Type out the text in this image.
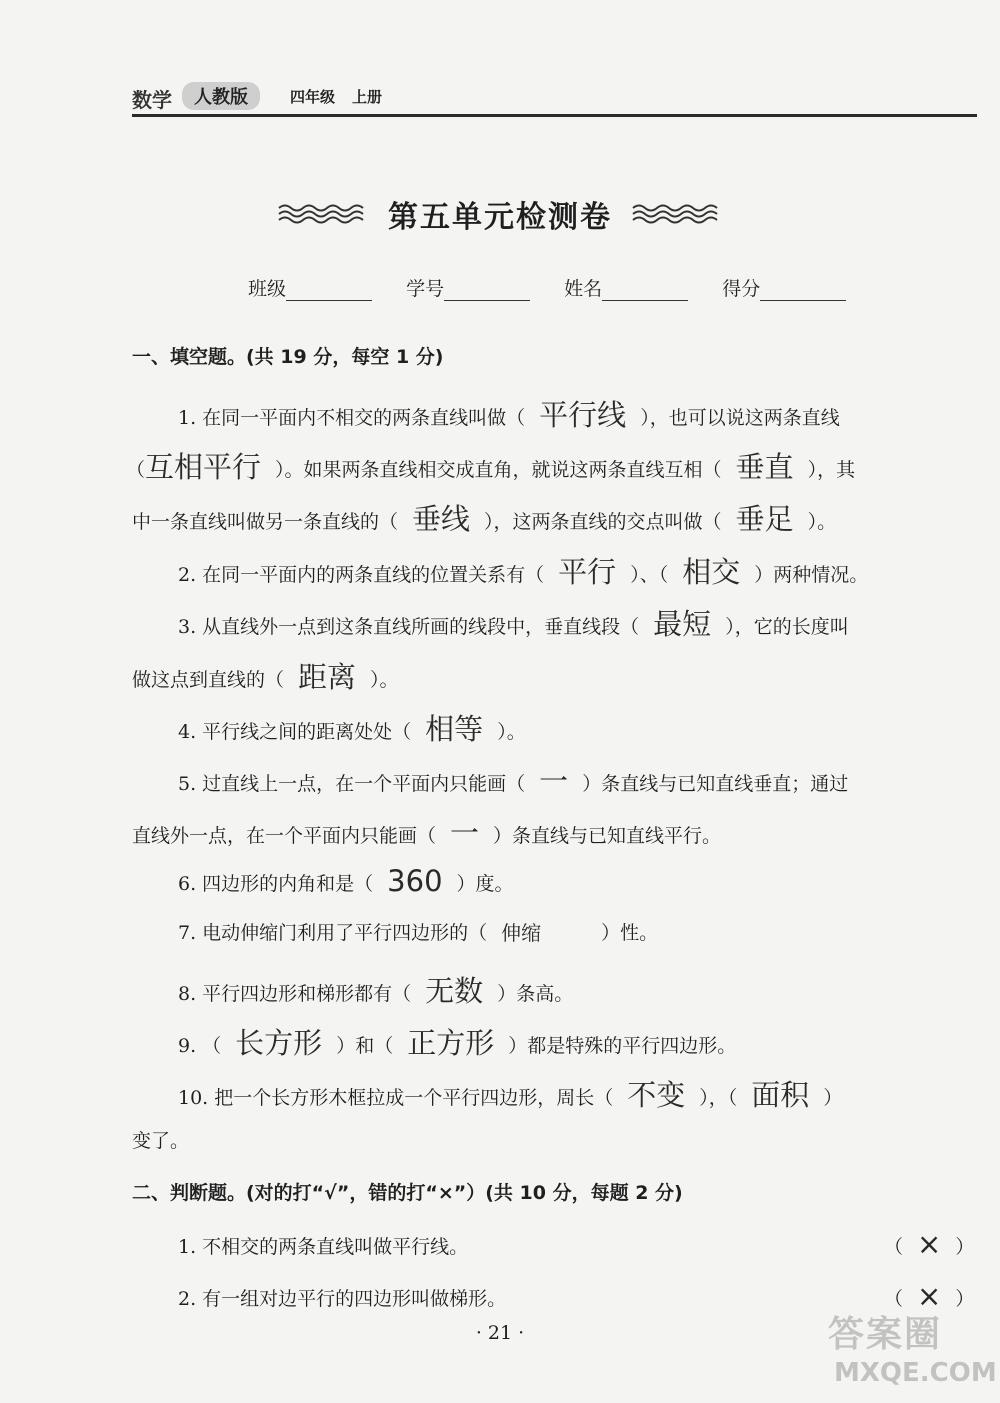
数学	人教版	四年级 上册
第五单元检测卷
班级	学号	姓名	得分
一、填空题。(共 19 分，每空 1 分)
1. 在同一平面内不相交的两条直线叫做（ 平行线 ），也可以说这两条直线
（互相平行 ）。如果两条直线相交成直角，就说这两条直线互相（ 垂直 ），其
中一条直线叫做另一条直线的（ 垂线 ），这两条直线的交点叫做（ 垂足 ）。
2. 在同一平面内的两条直线的位置关系有（ 平行 ）、（ 相交 ）两种情况。
3. 从直线外一点到这条直线所画的线段中，垂直线段（ 最短 ），它的长度叫
做这点到直线的（ 距离 ）。
4. 平行线之间的距离处处（ 相等 ）。
5. 过直线上一点，在一个平面内只能画（ 一 ）条直线与已知直线垂直；通过
直线外一点，在一个平面内只能画（ 一 ）条直线与已知直线平行。
6. 四边形的内角和是（ 360 ）度。
7. 电动伸缩门利用了平行四边形的（ 伸缩	）性。
8. 平行四边形和梯形都有（ 无数 ）条高。
9. （ 长方形 ）和（ 正方形 ）都是特殊的平行四边形。
10. 把一个长方形木框拉成一个平行四边形，周长（ 不变 ），（ 面积 ）
变了。
二、判断题。(对的打“√”，错的打“×”）(共 10 分，每题 2 分)
1. 不相交的两条直线叫做平行线。	（ × ）
2. 有一组对边平行的四边形叫做梯形。	（ × ）
· 21 ·	答案圈
MXQE.COM
